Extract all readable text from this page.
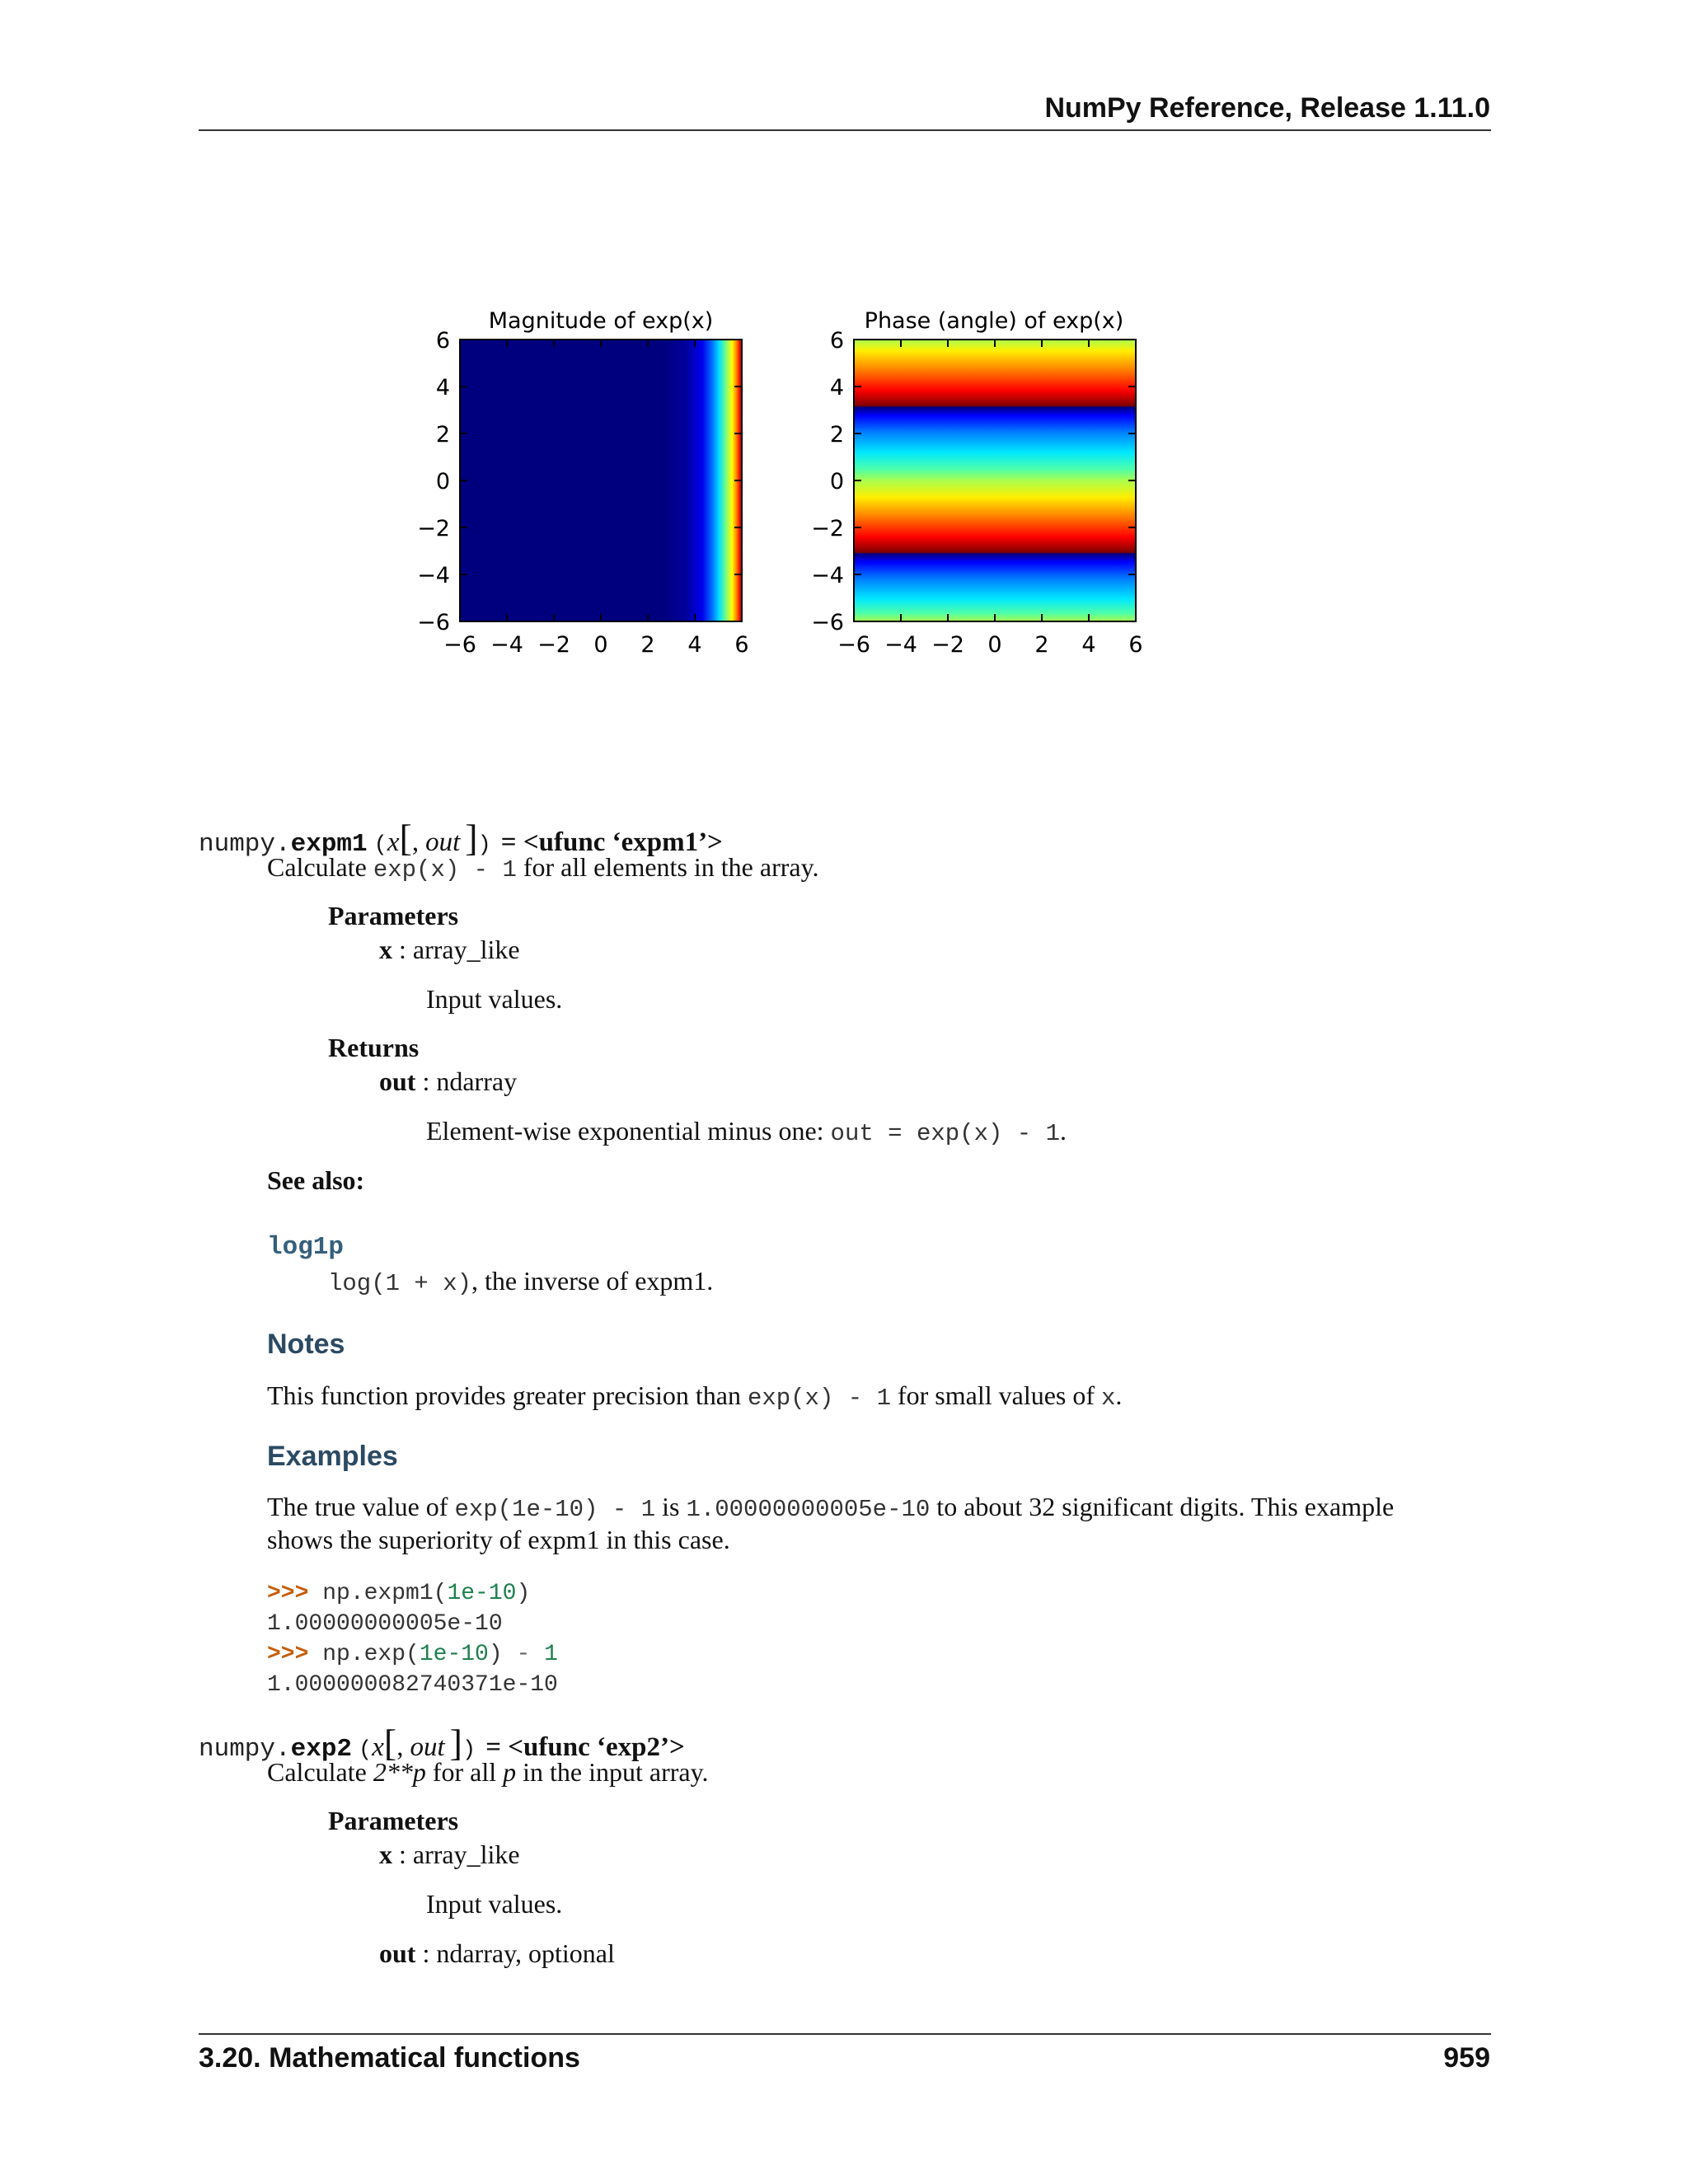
NumPy Reference, Release 1.11.0
Magnitude of exp(x)
−6 −4 −2 0 2 4 6
6
4
2
0
−2
−4
−6
Phase (angle) of exp(x)
−6 −4 −2 0 2 4 6
6
4
2
0
−2
−4
−6
numpy.expm1 (x[, out ]) = <ufunc ‘expm1’>
Calculate exp(x) - 1 for all elements in the array.
Parameters
x : array_like
Input values.
Returns
out : ndarray
Element-wise exponential minus one: out = exp(x) - 1.
See also:
log1p
log(1 + x), the inverse of expm1.
Notes
This function provides greater precision than exp(x) - 1 for small values of x.
Examples
The true value of exp(1e-10) - 1 is 1.00000000005e-10 to about 32 significant digits. This example
shows the superiority of expm1 in this case.
>>> np.expm1(1e-10)
1.00000000005e-10
>>> np.exp(1e-10) - 1
1.000000082740371e-10
numpy.exp2 (x[, out ]) = <ufunc ‘exp2’>
Calculate 2**p for all p in the input array.
Parameters
x : array_like
Input values.
out : ndarray, optional
3.20. Mathematical functions	959
